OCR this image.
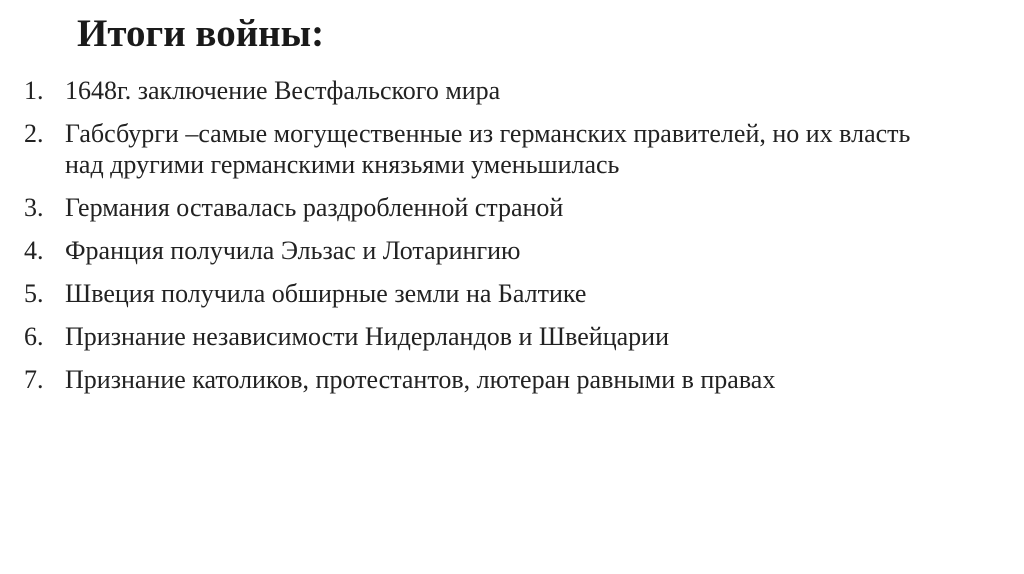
Итоги войны:
1. 1648г. заключение Вестфальского мира
2. Габсбурги –самые могущественные из германских правителей, но их власть над другими германскими князьями уменьшилась
3. Германия оставалась раздробленной страной
4. Франция получила Эльзас и Лотарингию
5. Швеция получила обширные земли на Балтике
6. Признание независимости Нидерландов и Швейцарии
7. Признание католиков, протестантов, лютеран равными в правах
